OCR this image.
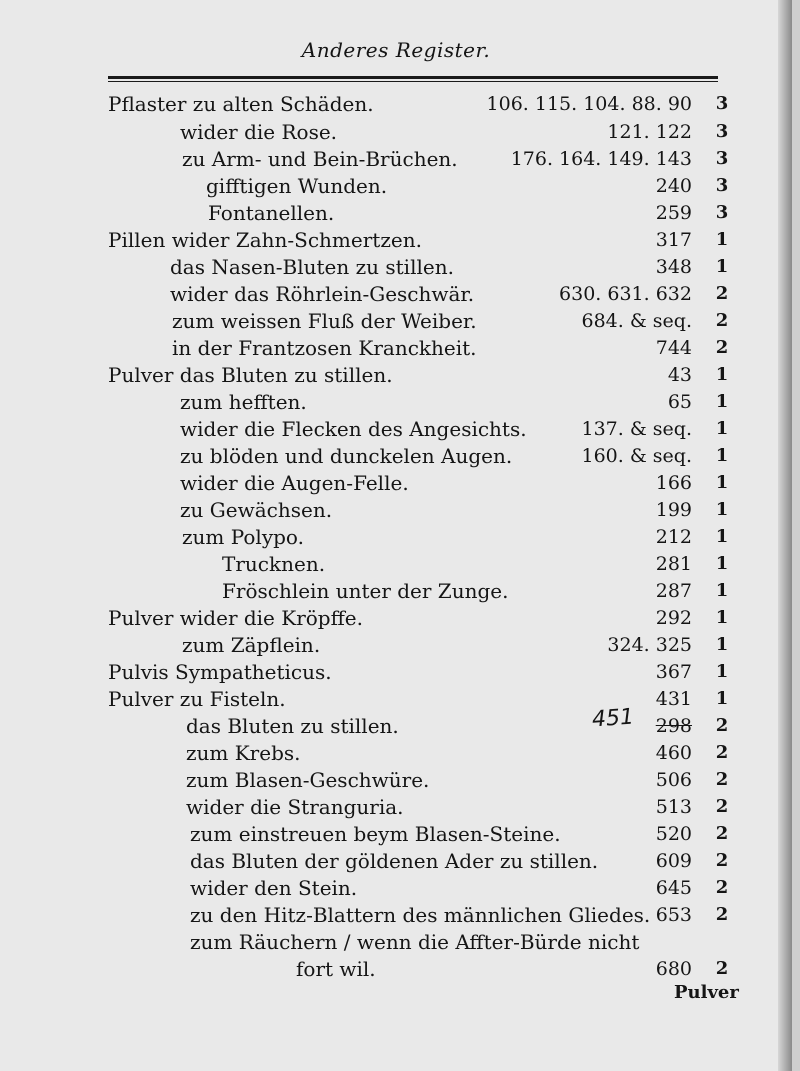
Anderes Register.
Pflaster zu alten Schäden.	106. 115. 104. 88. 90 3
wider die Rose.	121. 122 3
zu Arm- und Bein-Brüchen.	176. 164. 149. 143 3
gifftigen Wunden.	240 3
Fontanellen.	259 3
Pillen wider Zahn-Schmertzen.	317 1
das Nasen-Bluten zu stillen.	348 1
wider das Röhrlein-Geschwär.	630. 631. 632 2
zum weissen Fluß der Weiber.	684. & seq. 2
in der Frantzosen Kranckheit.	744 2
Pulver das Bluten zu stillen.	43 1
zum hefften.	65 1
wider die Flecken des Angesichts.	137. & seq. 1
zu blöden und dunckelen Augen.	160. & seq. 1
wider die Augen-Felle.	166 1
zu Gewächsen.	199 1
zum Polypo.	212 1
Trucknen.	281 1
Fröschlein unter der Zunge.	287 1
Pulver wider die Kröpffe.	292 1
zum Zäpflein.	324. 325 1
Pulvis Sympatheticus.	367 1
Pulver zu Fisteln.	431 1
das Bluten zu stillen.	298 2
zum Krebs.	460 2
zum Blasen-Geschwüre.	506 2
wider die Stranguria.	513 2
zum einstreuen beym Blasen-Steine.	520 2
das Bluten der göldenen Ader zu stillen.	609 2
wider den Stein.	645 2
zu den Hitz-Blattern des männlichen Gliedes. 653 2
zum Räuchern / wenn die Affter-Bürde nicht
fort wil.	680 2
451
Pulver
